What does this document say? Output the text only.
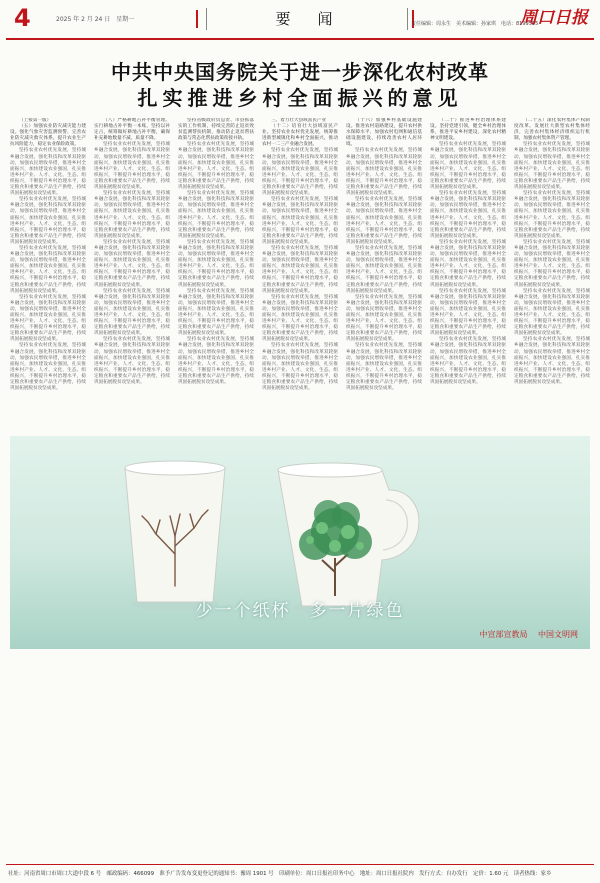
4	2025 年 2 月 24 日　星期一	要　闻	责任编辑：周永生　美术编辑：孙家琪　电话：8199505
周口日报
中共中央国务院关于进一步深化农村改革
扎实推进乡村全面振兴的意见

（上接第一版）

（五）加强农业防灾减灾能力建设。强化气象灾害监测预警，完善农业防灾减灾救灾体系，提升农业生产抗风险能力，稳定农业保险政策。

坚持农业农村优先发展，坚持城乡融合发展，强化科技和改革双轮驱动，加强农民增收举措，推进乡村全面振兴，加快建设农业强国，扎实推进乡村产业、人才、文化、生态、组织振兴，不断提升乡村治理水平，稳定粮食和重要农产品生产供给，持续巩固拓展脱贫攻坚成果。

坚持农业农村优先发展，坚持城乡融合发展，强化科技和改革双轮驱动，加强农民增收举措，推进乡村全面振兴，加快建设农业强国，扎实推进乡村产业、人才、文化、生态、组织振兴，不断提升乡村治理水平，稳定粮食和重要农产品生产供给，持续巩固拓展脱贫攻坚成果。

坚持农业农村优先发展，坚持城乡融合发展，强化科技和改革双轮驱动，加强农民增收举措，推进乡村全面振兴，加快建设农业强国，扎实推进乡村产业、人才、文化、生态、组织振兴，不断提升乡村治理水平，稳定粮食和重要农产品生产供给，持续巩固拓展脱贫攻坚成果。

坚持农业农村优先发展，坚持城乡融合发展，强化科技和改革双轮驱动，加强农民增收举措，推进乡村全面振兴，加快建设农业强国，扎实推进乡村产业、人才、文化、生态、组织振兴，不断提升乡村治理水平，稳定粮食和重要农产品生产供给，持续巩固拓展脱贫攻坚成果。

坚持农业农村优先发展，坚持城乡融合发展，强化科技和改革双轮驱动，加强农民增收举措，推进乡村全面振兴，加快建设农业强国，扎实推进乡村产业、人才、文化、生态、组织振兴，不断提升乡村治理水平，稳定粮食和重要农产品生产供给，持续巩固拓展脱贫攻坚成果。

（八）严格耕地占补平衡管理。实行耕地占补平衡一本账，坚持以补定占，统筹做好耕地占补平衡，确保补充耕地数量不减、质量不降。

坚持农业农村优先发展，坚持城乡融合发展，强化科技和改革双轮驱动，加强农民增收举措，推进乡村全面振兴，加快建设农业强国，扎实推进乡村产业、人才、文化、生态、组织振兴，不断提升乡村治理水平，稳定粮食和重要农产品生产供给，持续巩固拓展脱贫攻坚成果。

坚持农业农村优先发展，坚持城乡融合发展，强化科技和改革双轮驱动，加强农民增收举措，推进乡村全面振兴，加快建设农业强国，扎实推进乡村产业、人才、文化、生态、组织振兴，不断提升乡村治理水平，稳定粮食和重要农产品生产供给，持续巩固拓展脱贫攻坚成果。

坚持农业农村优先发展，坚持城乡融合发展，强化科技和改革双轮驱动，加强农民增收举措，推进乡村全面振兴，加快建设农业强国，扎实推进乡村产业、人才、文化、生态、组织振兴，不断提升乡村治理水平，稳定粮食和重要农产品生产供给，持续巩固拓展脱贫攻坚成果。

坚持农业农村优先发展，坚持城乡融合发展，强化科技和改革双轮驱动，加强农民增收举措，推进乡村全面振兴，加快建设农业强国，扎实推进乡村产业、人才、文化、生态、组织振兴，不断提升乡村治理水平，稳定粮食和重要农产品生产供给，持续巩固拓展脱贫攻坚成果。

坚持农业农村优先发展，坚持城乡融合发展，强化科技和改革双轮驱动，加强农民增收举措，推进乡村全面振兴，加快建设农业强国，扎实推进乡村产业、人才、文化、生态、组织振兴，不断提升乡村治理水平，稳定粮食和重要农产品生产供给，持续巩固拓展脱贫攻坚成果。

坚持省级政府负总责、市县抓落实的工作机制，持续完善防止返贫致贫监测帮扶机制，推动防止返贫帮扶政策与常态化帮扶政策衔接并轨。

坚持农业农村优先发展，坚持城乡融合发展，强化科技和改革双轮驱动，加强农民增收举措，推进乡村全面振兴，加快建设农业强国，扎实推进乡村产业、人才、文化、生态、组织振兴，不断提升乡村治理水平，稳定粮食和重要农产品生产供给，持续巩固拓展脱贫攻坚成果。

坚持农业农村优先发展，坚持城乡融合发展，强化科技和改革双轮驱动，加强农民增收举措，推进乡村全面振兴，加快建设农业强国，扎实推进乡村产业、人才、文化、生态、组织振兴，不断提升乡村治理水平，稳定粮食和重要农产品生产供给，持续巩固拓展脱贫攻坚成果。

坚持农业农村优先发展，坚持城乡融合发展，强化科技和改革双轮驱动，加强农民增收举措，推进乡村全面振兴，加快建设农业强国，扎实推进乡村产业、人才、文化、生态、组织振兴，不断提升乡村治理水平，稳定粮食和重要农产品生产供给，持续巩固拓展脱贫攻坚成果。

坚持农业农村优先发展，坚持城乡融合发展，强化科技和改革双轮驱动，加强农民增收举措，推进乡村全面振兴，加快建设农业强国，扎实推进乡村产业、人才、文化、生态、组织振兴，不断提升乡村治理水平，稳定粮食和重要农产品生产供给，持续巩固拓展脱贫攻坚成果。

坚持农业农村优先发展，坚持城乡融合发展，强化科技和改革双轮驱动，加强农民增收举措，推进乡村全面振兴，加快建设农业强国，扎实推进乡村产业、人才、文化、生态、组织振兴，不断提升乡村治理水平，稳定粮食和重要农产品生产供给，持续巩固拓展脱贫攻坚成果。

三、着力壮大县域富民产业

（十二）培育壮大县域富民产业。坚持农业农村优先发展，统筹推进新型城镇化和乡村全面振兴，推动农村一二三产业融合发展。

坚持农业农村优先发展，坚持城乡融合发展，强化科技和改革双轮驱动，加强农民增收举措，推进乡村全面振兴，加快建设农业强国，扎实推进乡村产业、人才、文化、生态、组织振兴，不断提升乡村治理水平，稳定粮食和重要农产品生产供给，持续巩固拓展脱贫攻坚成果。

坚持农业农村优先发展，坚持城乡融合发展，强化科技和改革双轮驱动，加强农民增收举措，推进乡村全面振兴，加快建设农业强国，扎实推进乡村产业、人才、文化、生态、组织振兴，不断提升乡村治理水平，稳定粮食和重要农产品生产供给，持续巩固拓展脱贫攻坚成果。

坚持农业农村优先发展，坚持城乡融合发展，强化科技和改革双轮驱动，加强农民增收举措，推进乡村全面振兴，加快建设农业强国，扎实推进乡村产业、人才、文化、生态、组织振兴，不断提升乡村治理水平，稳定粮食和重要农产品生产供给，持续巩固拓展脱贫攻坚成果。

坚持农业农村优先发展，坚持城乡融合发展，强化科技和改革双轮驱动，加强农民增收举措，推进乡村全面振兴，加快建设农业强国，扎实推进乡村产业、人才、文化、生态、组织振兴，不断提升乡村治理水平，稳定粮食和重要农产品生产供给，持续巩固拓展脱贫攻坚成果。

坚持农业农村优先发展，坚持城乡融合发展，强化科技和改革双轮驱动，加强农民增收举措，推进乡村全面振兴，加快建设农业强国，扎实推进乡村产业、人才、文化、生态、组织振兴，不断提升乡村治理水平，稳定粮食和重要农产品生产供给，持续巩固拓展脱贫攻坚成果。

（十六）加强乡村基础设施建设。推进农村道路建设，提升农村供水保障水平，加强农村电网和通信基础设施建设，持续改善农村人居环境。

坚持农业农村优先发展，坚持城乡融合发展，强化科技和改革双轮驱动，加强农民增收举措，推进乡村全面振兴，加快建设农业强国，扎实推进乡村产业、人才、文化、生态、组织振兴，不断提升乡村治理水平，稳定粮食和重要农产品生产供给，持续巩固拓展脱贫攻坚成果。

坚持农业农村优先发展，坚持城乡融合发展，强化科技和改革双轮驱动，加强农民增收举措，推进乡村全面振兴，加快建设农业强国，扎实推进乡村产业、人才、文化、生态、组织振兴，不断提升乡村治理水平，稳定粮食和重要农产品生产供给，持续巩固拓展脱贫攻坚成果。

坚持农业农村优先发展，坚持城乡融合发展，强化科技和改革双轮驱动，加强农民增收举措，推进乡村全面振兴，加快建设农业强国，扎实推进乡村产业、人才、文化、生态、组织振兴，不断提升乡村治理水平，稳定粮食和重要农产品生产供给，持续巩固拓展脱贫攻坚成果。

坚持农业农村优先发展，坚持城乡融合发展，强化科技和改革双轮驱动，加强农民增收举措，推进乡村全面振兴，加快建设农业强国，扎实推进乡村产业、人才、文化、生态、组织振兴，不断提升乡村治理水平，稳定粮食和重要农产品生产供给，持续巩固拓展脱贫攻坚成果。

坚持农业农村优先发展，坚持城乡融合发展，强化科技和改革双轮驱动，加强农民增收举措，推进乡村全面振兴，加快建设农业强国，扎实推进乡村产业、人才、文化、生态、组织振兴，不断提升乡村治理水平，稳定粮食和重要农产品生产供给，持续巩固拓展脱贫攻坚成果。

（二十）推进乡村治理体系建设。坚持党建引领，健全乡村治理体系，推进平安乡村建设，深化农村精神文明建设。

坚持农业农村优先发展，坚持城乡融合发展，强化科技和改革双轮驱动，加强农民增收举措，推进乡村全面振兴，加快建设农业强国，扎实推进乡村产业、人才、文化、生态、组织振兴，不断提升乡村治理水平，稳定粮食和重要农产品生产供给，持续巩固拓展脱贫攻坚成果。

坚持农业农村优先发展，坚持城乡融合发展，强化科技和改革双轮驱动，加强农民增收举措，推进乡村全面振兴，加快建设农业强国，扎实推进乡村产业、人才、文化、生态、组织振兴，不断提升乡村治理水平，稳定粮食和重要农产品生产供给，持续巩固拓展脱贫攻坚成果。

坚持农业农村优先发展，坚持城乡融合发展，强化科技和改革双轮驱动，加强农民增收举措，推进乡村全面振兴，加快建设农业强国，扎实推进乡村产业、人才、文化、生态、组织振兴，不断提升乡村治理水平，稳定粮食和重要农产品生产供给，持续巩固拓展脱贫攻坚成果。

坚持农业农村优先发展，坚持城乡融合发展，强化科技和改革双轮驱动，加强农民增收举措，推进乡村全面振兴，加快建设农业强国，扎实推进乡村产业、人才、文化、生态、组织振兴，不断提升乡村治理水平，稳定粮食和重要农产品生产供给，持续巩固拓展脱贫攻坚成果。

坚持农业农村优先发展，坚持城乡融合发展，强化科技和改革双轮驱动，加强农民增收举措，推进乡村全面振兴，加快建设农业强国，扎实推进乡村产业、人才、文化、生态、组织振兴，不断提升乡村治理水平，稳定粮食和重要农产品生产供给，持续巩固拓展脱贫攻坚成果。

（二十五）深化农村集体产权制度改革。发展壮大新型农村集体经济，完善农村集体经济组织运行机制，加强农村集体资产管理。

坚持农业农村优先发展，坚持城乡融合发展，强化科技和改革双轮驱动，加强农民增收举措，推进乡村全面振兴，加快建设农业强国，扎实推进乡村产业、人才、文化、生态、组织振兴，不断提升乡村治理水平，稳定粮食和重要农产品生产供给，持续巩固拓展脱贫攻坚成果。

坚持农业农村优先发展，坚持城乡融合发展，强化科技和改革双轮驱动，加强农民增收举措，推进乡村全面振兴，加快建设农业强国，扎实推进乡村产业、人才、文化、生态、组织振兴，不断提升乡村治理水平，稳定粮食和重要农产品生产供给，持续巩固拓展脱贫攻坚成果。

坚持农业农村优先发展，坚持城乡融合发展，强化科技和改革双轮驱动，加强农民增收举措，推进乡村全面振兴，加快建设农业强国，扎实推进乡村产业、人才、文化、生态、组织振兴，不断提升乡村治理水平，稳定粮食和重要农产品生产供给，持续巩固拓展脱贫攻坚成果。

坚持农业农村优先发展，坚持城乡融合发展，强化科技和改革双轮驱动，加强农民增收举措，推进乡村全面振兴，加快建设农业强国，扎实推进乡村产业、人才、文化、生态、组织振兴，不断提升乡村治理水平，稳定粮食和重要农产品生产供给，持续巩固拓展脱贫攻坚成果。

坚持农业农村优先发展，坚持城乡融合发展，强化科技和改革双轮驱动，加强农民增收举措，推进乡村全面振兴，加快建设农业强国，扎实推进乡村产业、人才、文化、生态、组织振兴，不断提升乡村治理水平，稳定粮食和重要农产品生产供给，持续巩固拓展脱贫攻坚成果。

少一个纸杯　多一片绿色
中宣部宣教局 中国文明网
社址：河南省周口市周口大道中段 6 号　邮政编码：466099　准予广告发布变更登记的通知书：豫周 1901 号　印刷单位：周口日报社印务中心　地址：周口日报社院内　发行方式：自办发行　定价：1.60 元　读者热线：家乡
